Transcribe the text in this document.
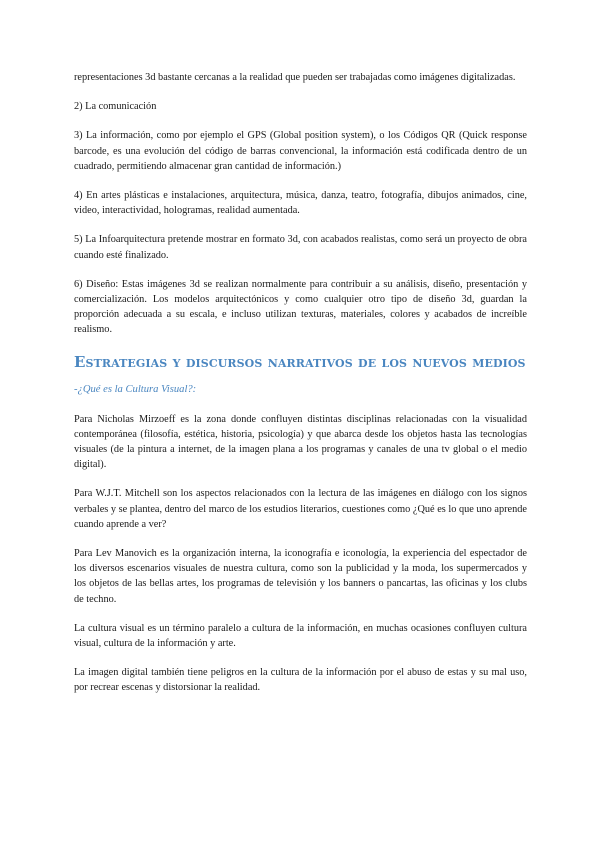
representaciones 3d bastante cercanas a la realidad que pueden ser trabajadas como imágenes digitalizadas.

2) La comunicación

3) La información, como por ejemplo el GPS (Global position system), o los Códigos QR (Quick response barcode, es una evolución del código de barras convencional, la información está codificada dentro de un cuadrado, permitiendo almacenar gran cantidad de información.)

4) En artes plásticas e instalaciones, arquitectura, música, danza, teatro, fotografía, dibujos animados, cine, video, interactividad, hologramas, realidad aumentada.

5) La Infoarquitectura pretende mostrar en formato 3d, con acabados realistas, como será un proyecto de obra cuando esté finalizado.

6) Diseño: Estas imágenes 3d se realizan normalmente para contribuir a su análisis, diseño, presentación y comercialización. Los modelos arquitectónicos y como cualquier otro tipo de diseño 3d, guardan la proporción adecuada a su escala, e incluso utilizan texturas, materiales, colores y acabados de increíble realismo.

Estrategias y discursos narrativos de los nuevos medios

-¿Qué es la Cultura Visual?:

Para Nicholas Mirzoeff es la zona donde confluyen distintas disciplinas relacionadas con la visualidad contemporánea (filosofía, estética, historia, psicología) y que abarca desde los objetos hasta las tecnologías visuales (de la pintura a internet, de la imagen plana a los programas y canales de una tv global o el medio digital).

Para W.J.T. Mitchell son los aspectos relacionados con la lectura de las imágenes en diálogo con los signos verbales y se plantea, dentro del marco de los estudios literarios, cuestiones como ¿Qué es lo que uno aprende cuando aprende a ver?

Para Lev Manovich es la organización interna, la iconografía e iconología, la experiencia del espectador de los diversos escenarios visuales de nuestra cultura, como son la publicidad y la moda, los supermercados y los objetos de las bellas artes, los programas de televisión y los banners o pancartas, las oficinas y los clubs de techno.

La cultura visual es un término paralelo a cultura de la información, en muchas ocasiones confluyen cultura visual, cultura de la información y arte.

La imagen digital también tiene peligros en la cultura de la información por el abuso de estas y su mal uso, por recrear escenas y distorsionar la realidad.
